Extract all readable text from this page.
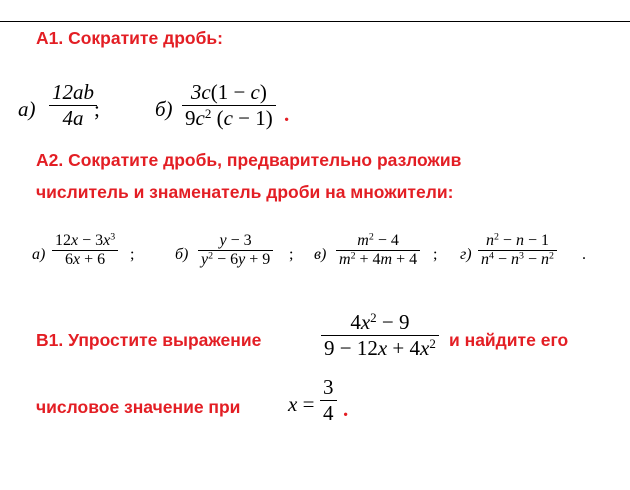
А1. Сократите дробь:
а)
12ab
4a ;	б)
3c(1 − c)
$9c^2$ (c − 1) .
А2. Сократите дробь, предварительно разложив
числитель и знаменатель дроби на множители:
а)
$12x - 3x^3$
6x + 6	;	б)
y − 3
$y^2 - 6y + 9$ ; в)
$m^2 - 4$
$m^2 + 4m + 4$ ; г)
$n^2 - n - 1$
$n^4 - n^3 - n^2$ .
В1. Упростите выражение
$4x^2 - 9$
$9 - 12x + 4x^2$ и найдите его
числовое значение при x =
3
4 .
